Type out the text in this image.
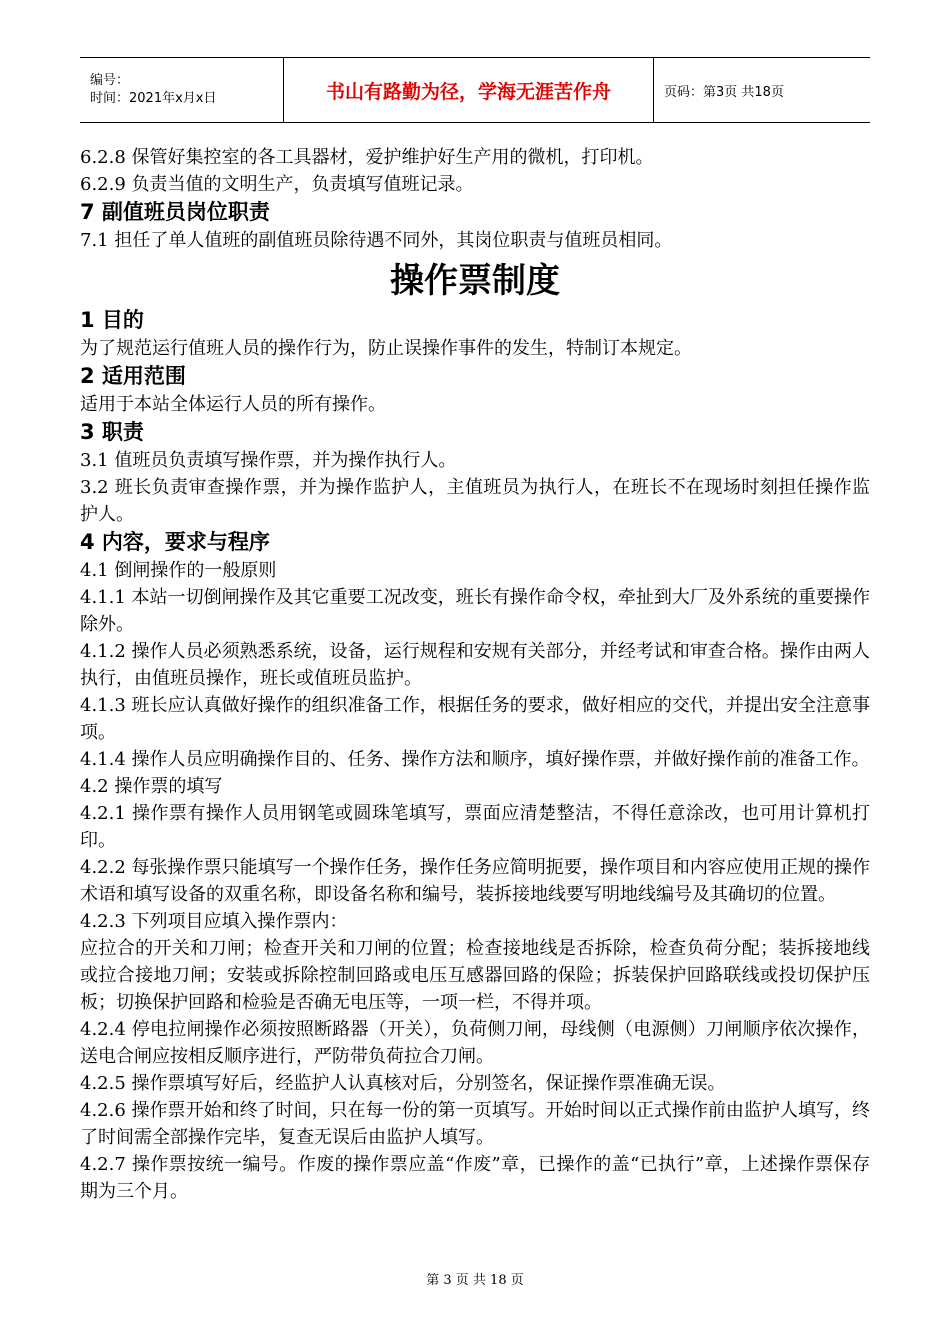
编号：
时间：2021年x月x日	书山有路勤为径，学海无涯苦作舟	页码：第3页 共18页

6.2.8 保管好集控室的各工具器材，爱护维护好生产用的微机，打印机。

6.2.9 负责当值的文明生产，负责填写值班记录。

7 副值班员岗位职责

7.1 担任了单人值班的副值班员除待遇不同外，其岗位职责与值班员相同。

操作票制度

1 目的

为了规范运行值班人员的操作行为，防止误操作事件的发生，特制订本规定。

2 适用范围

适用于本站全体运行人员的所有操作。

3 职责

3.1 值班员负责填写操作票，并为操作执行人。

3.2 班长负责审查操作票，并为操作监护人，主值班员为执行人，在班长不在现场时刻担任操作监护人。

4 内容，要求与程序

4.1 倒闸操作的一般原则

4.1.1 本站一切倒闸操作及其它重要工况改变，班长有操作命令权，牵扯到大厂及外系统的重要操作除外。

4.1.2 操作人员必须熟悉系统，设备，运行规程和安规有关部分，并经考试和审查合格。操作由两人执行，由值班员操作，班长或值班员监护。

4.1.3 班长应认真做好操作的组织准备工作，根据任务的要求，做好相应的交代，并提出安全注意事项。

4.1.4 操作人员应明确操作目的、任务、操作方法和顺序，填好操作票，并做好操作前的准备工作。

4.2 操作票的填写

4.2.1 操作票有操作人员用钢笔或圆珠笔填写，票面应清楚整洁，不得任意涂改，也可用计算机打印。

4.2.2 每张操作票只能填写一个操作任务，操作任务应简明扼要，操作项目和内容应使用正规的操作术语和填写设备的双重名称，即设备名称和编号，装拆接地线要写明地线编号及其确切的位置。

4.2.3 下列项目应填入操作票内：

应拉合的开关和刀闸；检查开关和刀闸的位置；检查接地线是否拆除，检查负荷分配；装拆接地线或拉合接地刀闸；安装或拆除控制回路或电压互感器回路的保险；拆装保护回路联线或投切保护压板；切换保护回路和检验是否确无电压等，一项一栏，不得并项。

4.2.4 停电拉闸操作必须按照断路器（开关），负荷侧刀闸，母线侧（电源侧）刀闸顺序依次操作，送电合闸应按相反顺序进行，严防带负荷拉合刀闸。

4.2.5 操作票填写好后，经监护人认真核对后，分别签名，保证操作票准确无误。

4.2.6 操作票开始和终了时间，只在每一份的第一页填写。开始时间以正式操作前由监护人填写，终了时间需全部操作完毕，复查无误后由监护人填写。

4.2.7 操作票按统一编号。作废的操作票应盖“作废”章，已操作的盖“已执行”章，上述操作票保存期为三个月。

第 3 页 共 18 页
